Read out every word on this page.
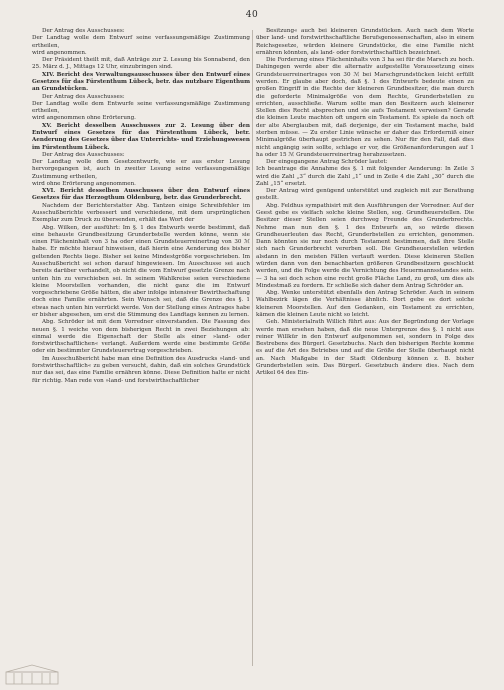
40

Der Antrag des Ausschusses:
Der Landtag wolle dem Entwurf seine verfassungsmäßige Zustimmung ertheilen,
wird angenommen.

Der Präsident theilt mit, daß Anträge zur 2. Lesung bis Sonnabend, den 25. März d. J., Mittags 12 Uhr, einzubringen sind.

XIV. Bericht des Verwaltungsausschusses über den Entwurf eines Gesetzes für das Fürstenthum Lübeck, betr. das nutzbare Eigenthum an Grundstücken.

Der Antrag des Ausschusses:
Der Landtag wolle dem Entwurfe seine verfassungsmäßige Zustimmung ertheilen,
wird angenommen ohne Erörterung.

XV. Bericht desselben Ausschusses zur 2. Lesung über den Entwurf eines Gesetzes für das Fürstenthum Lübeck, betr. Aenderung des Gesetzes über das Unterrichts- und Erziehungswesen im Fürstenthum Lübeck.

Der Antrag des Ausschusses:
Der Landtag wolle dem Gesetzentwurfe, wie er aus erster Lesung hervorgegangen ist, auch in zweiter Lesung seine verfassungsmäßige Zustimmung ertheilen,
wird ohne Erörterung angenommen.

XVI. Bericht desselben Ausschusses über den Entwurf eines Gesetzes für das Herzogthum Oldenburg, betr. das Grunderbrecht.

Nachdem der Berichterstatter Abg. Tantzen einige Schreibfehler im Ausschußberichte verbessert und verschiedene, mit dem ursprünglichen Exemplar zum Druck zu übersenden, erhält das Wort der

Abg. Wilken, der ausführt: Im §. 1 des Entwurfs werde bestimmt, daß eine behauste Grundbesitzung Grunderbstelle werden könne, wenn sie einen Flächeninhalt von 3 ha oder einen Grundsteuerreinertrag von 30 ℳ habe. Er möchte hierauf hinweisen, daß hierin eine Aenderung des bisher geltenden Rechts liege. Bisher sei keine Mindestgröße vorgeschrieben. Im Ausschußbericht sei schon darauf hingewiesen. Im Ausschusse sei auch bereits darüber verhandelt, ob nicht die vom Entwurf gesetzte Grenze nach unten hin zu verschieben sei. In seinem Wahlkreise seien verschiedene kleine Moorstellen vorhanden, die nicht ganz die im Entwurf vorgeschriebene Größe hätten, die aber infolge intensiver Bewirthschaftung doch eine Familie ernährten. Sein Wunsch sei, daß die Grenze des §. 1 etwas nach unten hin verrückt werde. Von der Stellung eines Antrages habe er bisher abgesehen, um erst die Stimmung des Landtags kennen zu lernen.

Abg. Schröder ist mit dem Vorredner einverstanden. Die Fassung des neuen §. 1 weiche von dem bisherigen Recht in zwei Beziehungen ab: einmal werde die Eigenschaft der Stelle als einer »land- oder forstwirthschaftlichen« verlangt. Außerdem werde eine bestimmte Größe oder ein bestimmter Grundsteuerertrag vorgeschrieben.

Im Ausschußbericht habe man eine Definition des Ausdrucks »land- und forstwirthschaftlich« zu geben versucht, dahin, daß ein solches Grundstück nur das sei, das eine Familie ernähren könne. Diese Definition halte er nicht für richtig. Man rede von »land- und forstwirthschaftlicher

Besitzung« auch bei kleineren Grundstücken. Auch nach dem Worte über land- und forstwirthschaftliche Berufsgenossenschaften, also in einem Reichsgesetze, würden kleinere Grundstücke, die eine Familie nicht ernähren könnten, als land- oder forstwirthschaftlich bezeichnet.

Die Forderung eines Flächeninhalts von 3 ha sei für die Marsch zu hoch. Dahingegen werde aber die alternativ aufgestellte Voraussetzung eines Grundsteuerreinertrages von 30 ℳ bei Marschgrundstücken leicht erfüllt werden. Er glaube aber doch, daß §. 1 des Entwurfs bedeute einen zu großen Eingriff in die Rechte der kleineren Grundbesitzer, die man durch die geforderte Minimalgröße von dem Rechte, Grunderbstellen zu errichten, ausschließe. Warum sollte man den Besitzern auch kleinerer Stellen dies Recht absprechen und sie aufs Testament verweisen? Gerade die kleinen Leute machten oft ungern ein Testament. Es spiele da noch oft der alte Aberglauben mit, daß derjenige, der ein Testament mache, bald sterben müsse. — Zu erster Linie wünsche er daher das Erforderniß einer Minimalgröße überhaupt gestrichen zu sehen. Nur für den Fall, daß dies nicht angängig sein sollte, schlage er vor, die Größenanforderungen auf 1 ha oder 15 ℳ Grundsteuerreinertrag herabzusetzen.

Der eingegangene Antrag Schröder lautet:
Ich beantrage die Annahme des §. 1 mit folgender Aenderung: In Zeile 3 wird die Zahl „3“ durch die Zahl „1“ und in Zeile 4 die Zahl „30“ durch die Zahl „15“ ersetzt.

Der Antrag wird genügend unterstützt und zugleich mit zur Berathung gestellt.

Abg. Feldhus sympathisirt mit den Ausführungen der Vorredner. Auf der Geest gebe es vielfach solche kleine Stellen, sog. Grundheuerstellen. Die Besitzer dieser Stellen seien durchweg Freunde des Grunderbrechts. Nehme man nun den §. 1 des Entwurfs an, so würde diesen Grundheuerleuten das Recht, Grunderbstellen zu errichten, genommen. Dann könnten sie nur noch durch Testament bestimmen, daß ihre Stelle sich nach Grunderbrecht vererben soll. Die Grundheuerstellen würden alsdann in den meisten Fällen vertauft werden. Diese kleineren Stellen würden dann von den benachbarten größeren Grundbesitzern geschluckt werden, und die Folge werde die Vernichtung des Heuermannsstandes sein. — 3 ha sei doch schon eine recht große Fläche Land, zu groß, um dies als Mindestmaß zu fordern. Er schließe sich daher dem Antrag Schröder an.

Abg. Wenke unterstützt ebenfalls den Antrag Schröder. Auch in seinem Wahlbezirk lägen die Verhältnisse ähnlich. Dort gebe es dort solche kleineren Moorstellen. Auf den Gedanken, ein Testament zu errichten, kämen die kleinen Leute nicht so leicht.

Geh. Ministerialrath Willich führt aus: Aus der Begründung der Vorlage werde man ersehen haben, daß die neue Untergrenze des §. 1 nicht aus reiner Willkür in den Entwurf aufgenommen sei, sondern in Folge des Bestrebens des Bürgerl. Gesetzbuchs. Nach den bisherigen Rechte komme es auf die Art des Betriebes und auf die Größe der Stelle überhaupt nicht an. Nach Maßgabe in der Stadt Oldenburg können z. B. bisher Grunderbstellen sein. Das Bürgerl. Gesetzbuch ändere dies. Nach dem Artikel 64 des Ein-
